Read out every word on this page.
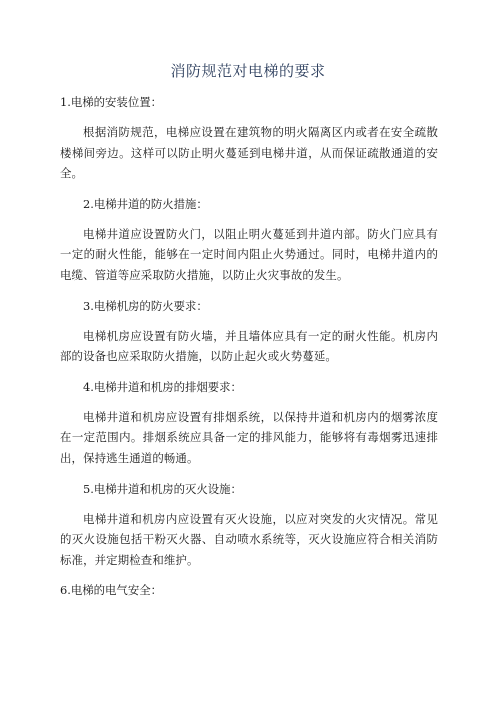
消防规范对电梯的要求

1.电梯的安装位置：

根据消防规范，电梯应设置在建筑物的明火隔离区内或者在安全疏散楼梯间旁边。这样可以防止明火蔓延到电梯井道，从而保证疏散通道的安全。

2.电梯井道的防火措施：

电梯井道应设置防火门，以阻止明火蔓延到井道内部。防火门应具有一定的耐火性能，能够在一定时间内阻止火势通过。同时，电梯井道内的电缆、管道等应采取防火措施，以防止火灾事故的发生。

3.电梯机房的防火要求：

电梯机房应设置有防火墙，并且墙体应具有一定的耐火性能。机房内部的设备也应采取防火措施，以防止起火或火势蔓延。

4.电梯井道和机房的排烟要求：

电梯井道和机房应设置有排烟系统，以保持井道和机房内的烟雾浓度在一定范围内。排烟系统应具备一定的排风能力，能够将有毒烟雾迅速排出，保持逃生通道的畅通。

5.电梯井道和机房的灭火设施：

电梯井道和机房内应设置有灭火设施，以应对突发的火灾情况。常见的灭火设施包括干粉灭火器、自动喷水系统等，灭火设施应符合相关消防标准，并定期检查和维护。

6.电梯的电气安全：
